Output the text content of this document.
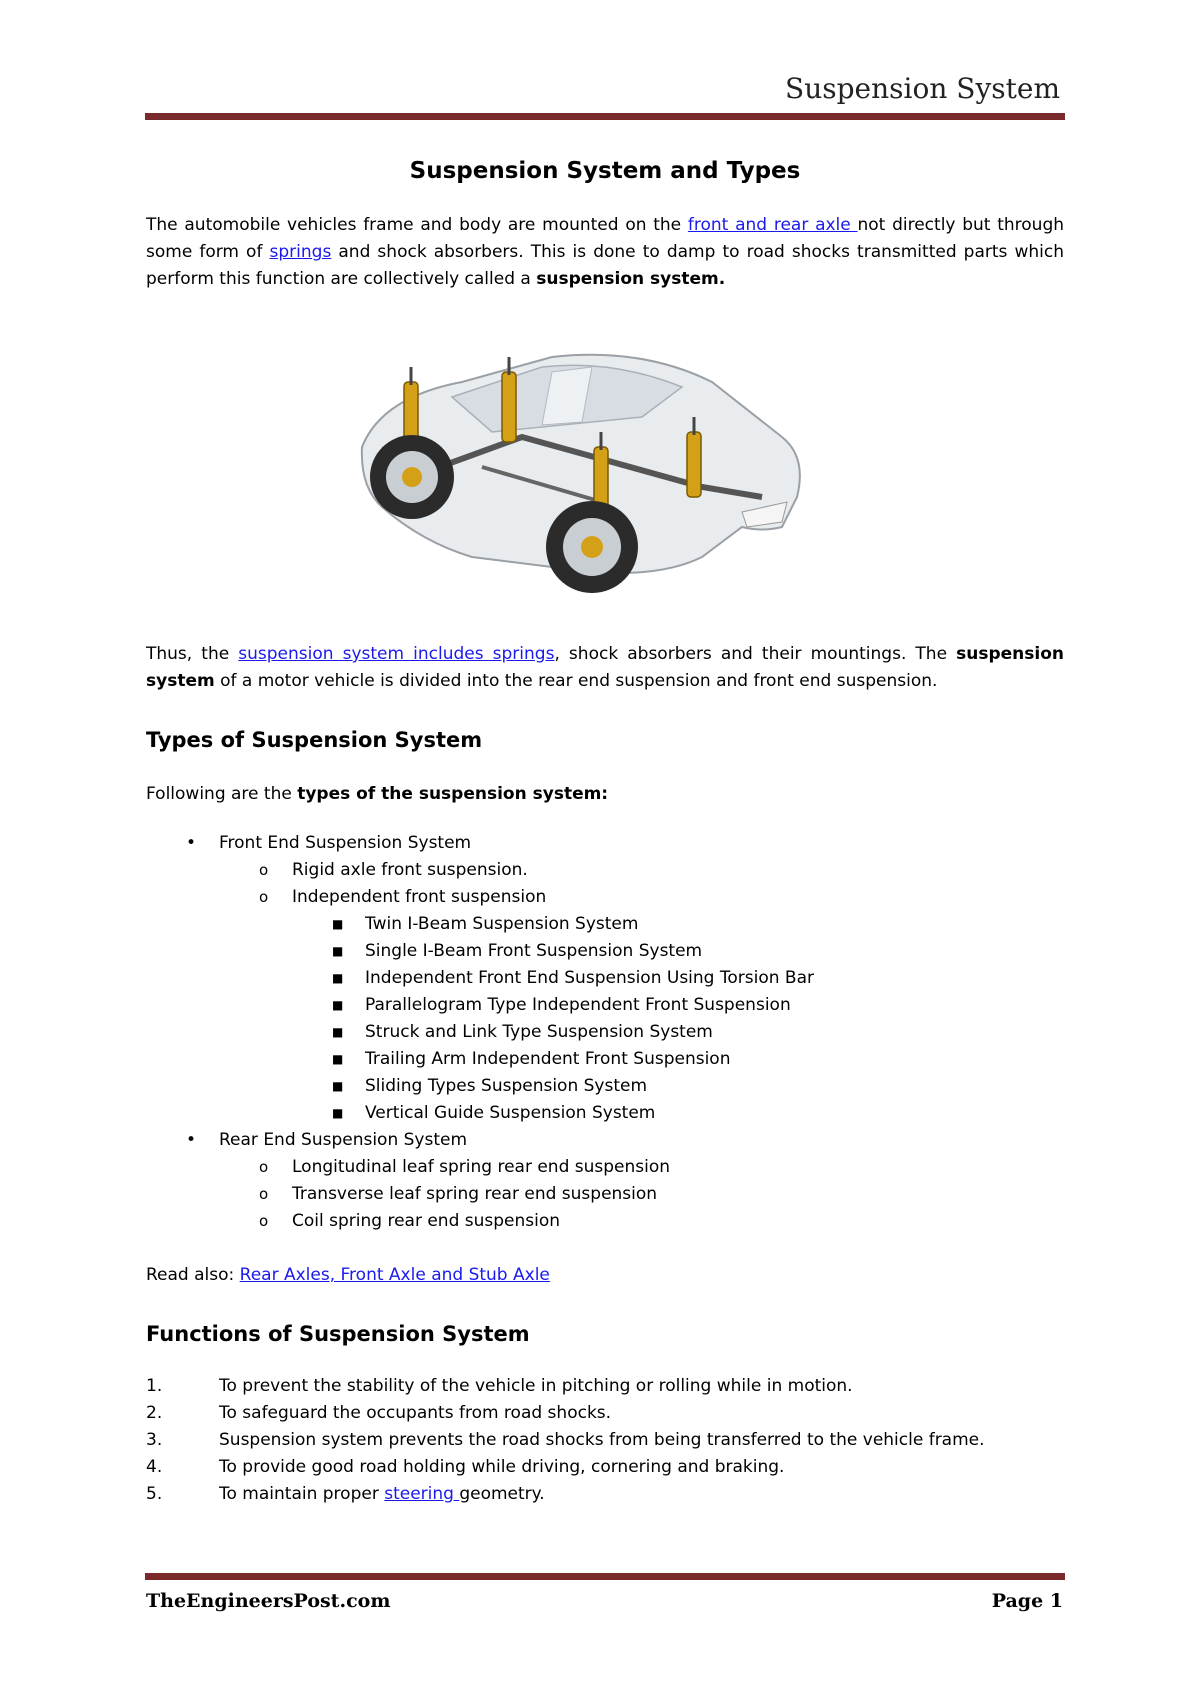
Suspension System
Suspension System and Types

The automobile vehicles frame and body are mounted on the front and rear axle not directly but through some form of springs and shock absorbers. This is done to damp to road shocks transmitted parts which perform this function are collectively called a suspension system.

Thus, the suspension system includes springs, shock absorbers and their mountings. The suspension system of a motor vehicle is divided into the rear end suspension and front end suspension.

Types of Suspension System

Following are the types of the suspension system:

• Front End Suspension System
o Rigid axle front suspension.
o Independent front suspension
■ Twin I-Beam Suspension System
■ Single I-Beam Front Suspension System
■ Independent Front End Suspension Using Torsion Bar
■ Parallelogram Type Independent Front Suspension
■ Struck and Link Type Suspension System
■ Trailing Arm Independent Front Suspension
■ Sliding Types Suspension System
■ Vertical Guide Suspension System
• Rear End Suspension System
o Longitudinal leaf spring rear end suspension
o Transverse leaf spring rear end suspension
o Coil spring rear end suspension

Read also: Rear Axles, Front Axle and Stub Axle

Functions of Suspension System
1.	To prevent the stability of the vehicle in pitching or rolling while in motion.
2.	To safeguard the occupants from road shocks.
3.	Suspension system prevents the road shocks from being transferred to the vehicle frame.
4.	To provide good road holding while driving, cornering and braking.
5.	To maintain proper steering geometry.
TheEngineersPost.com	Page 1
